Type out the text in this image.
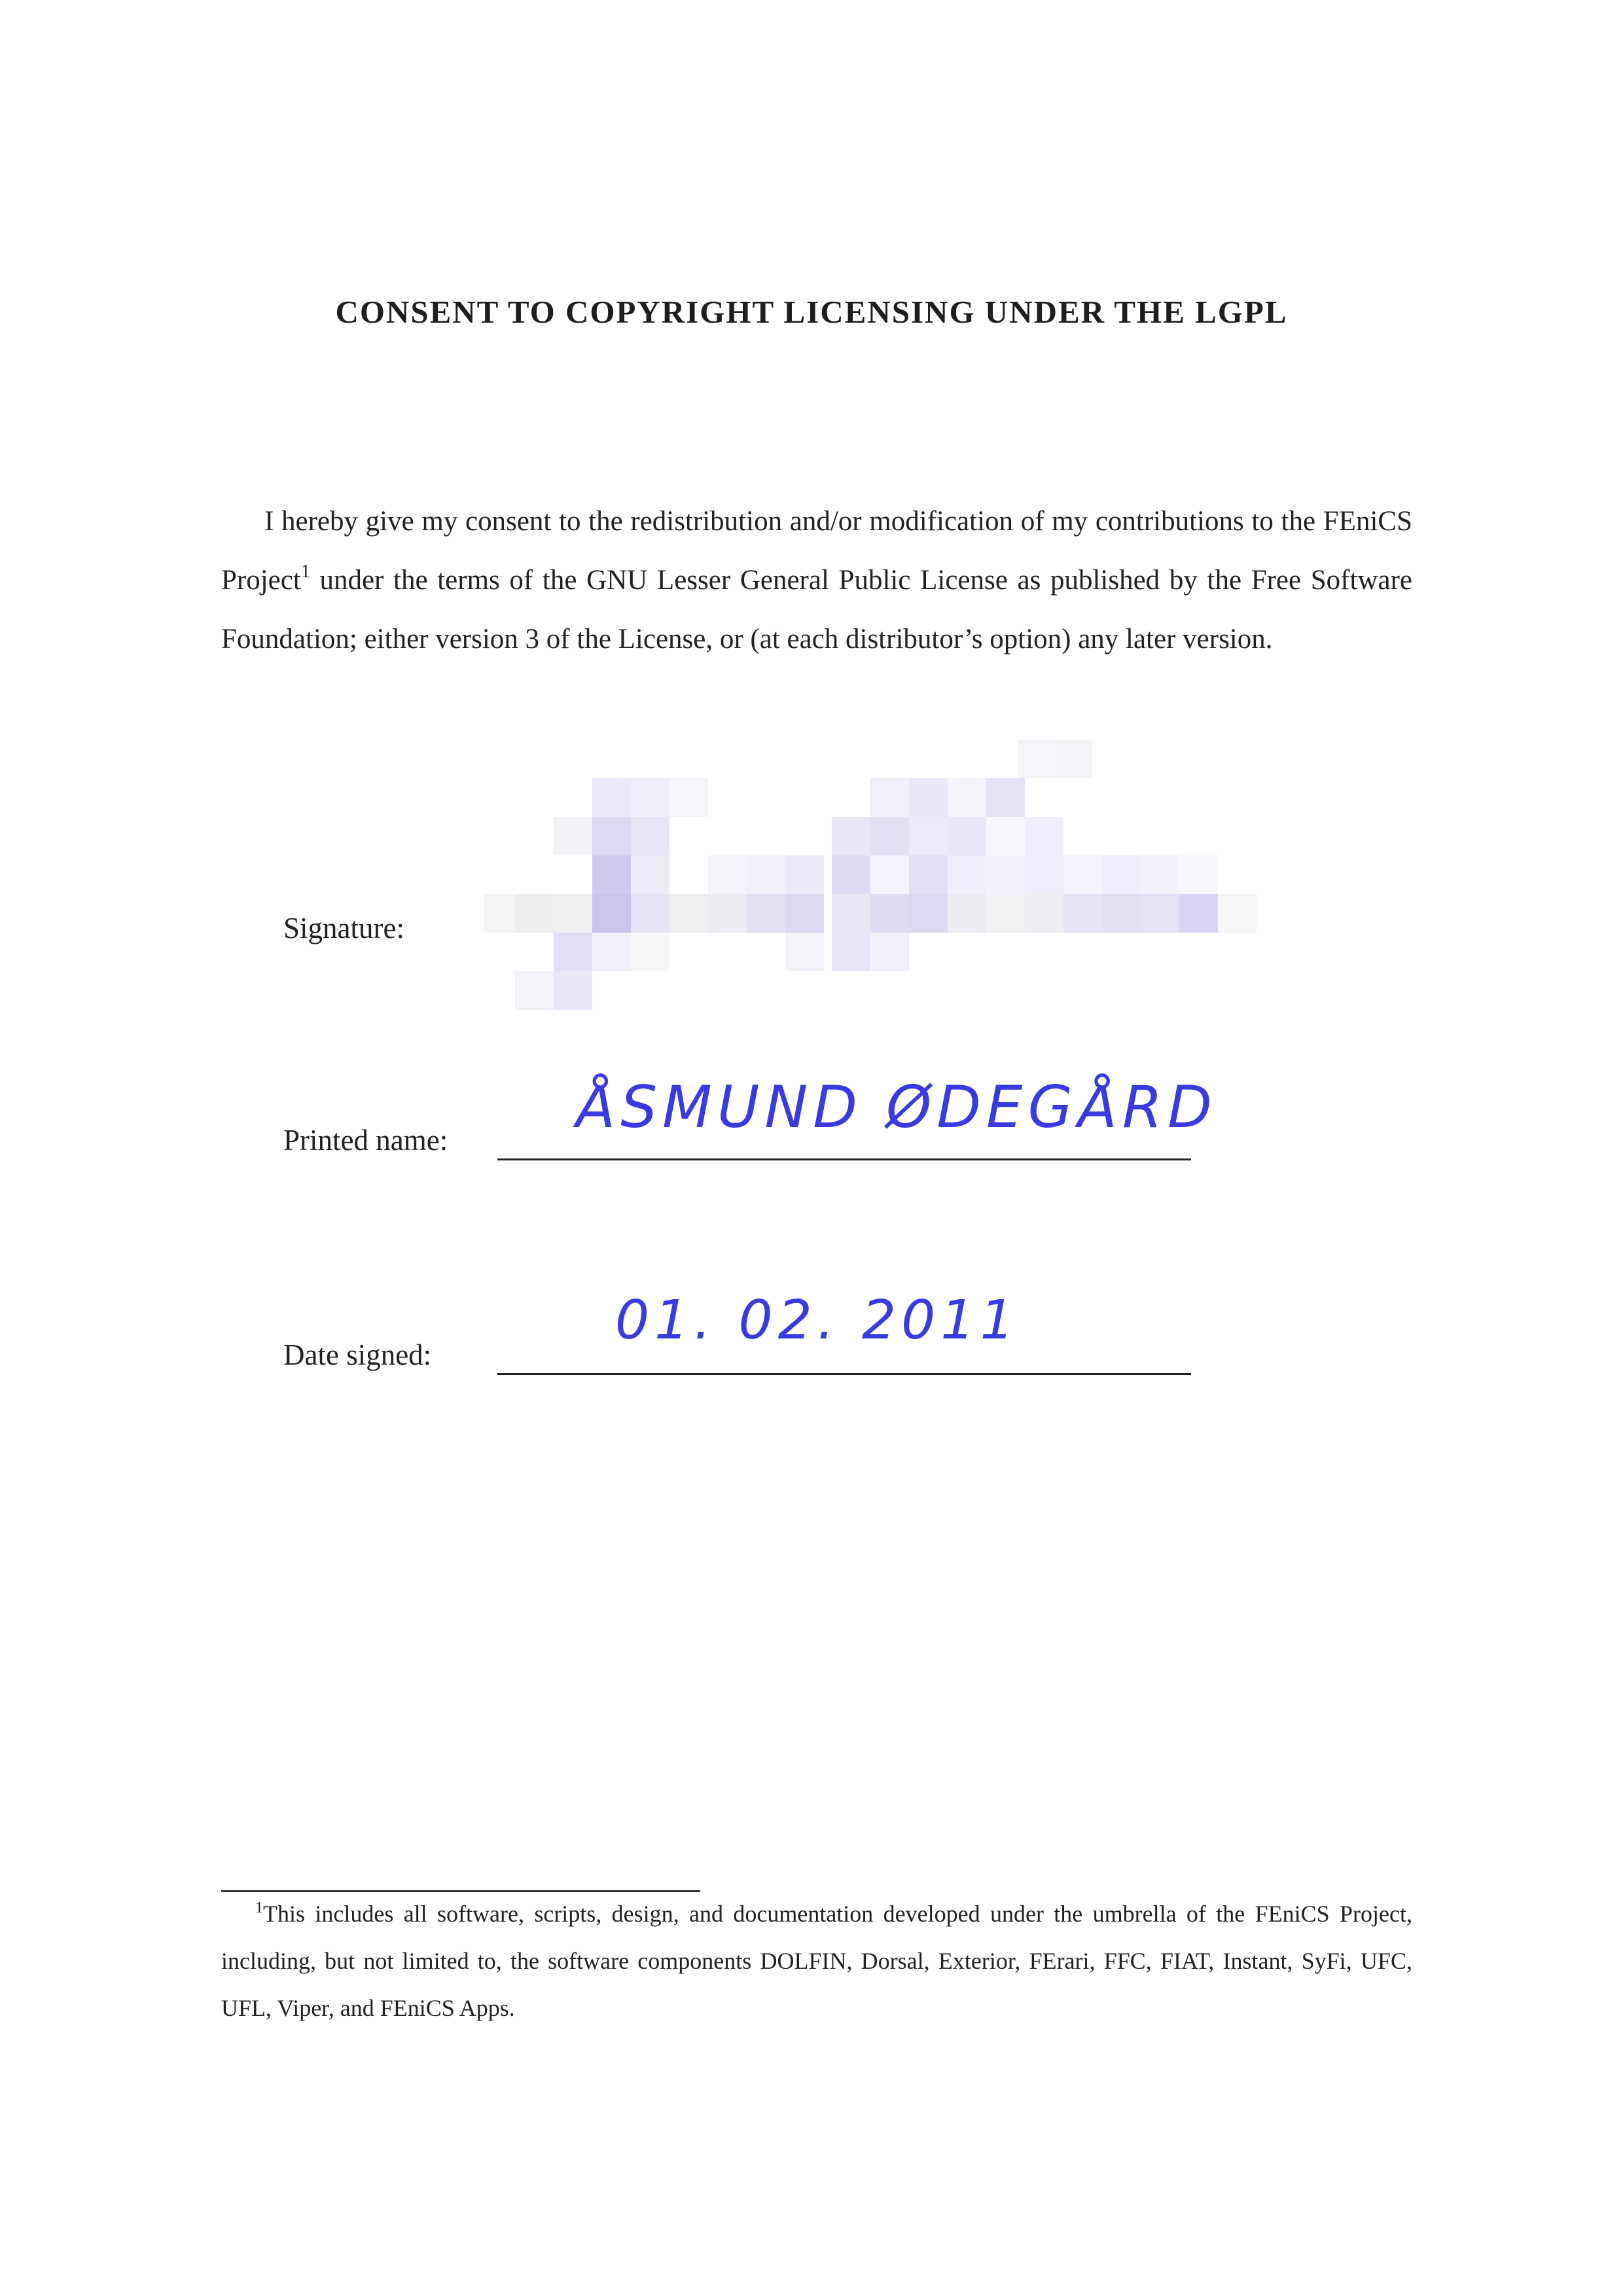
CONSENT TO COPYRIGHT LICENSING UNDER THE LGPL
I hereby give my consent to the redistribution and/or modification of my contributions to the FEniCS Project$^1$ under the terms of the GNU Lesser General Public License as published by the Free Software Foundation; either version 3 of the License, or (at each distributor’s option) any later version.
Signature:
ÅSMUND ØDEGÅRD
Printed name:
01. 02. 2011
Date signed:
$^1$This includes all software, scripts, design, and documentation developed under the umbrella of the FEniCS Project, including, but not limited to, the software components DOLFIN, Dorsal, Exterior, FErari, FFC, FIAT, Instant, SyFi, UFC, UFL, Viper, and FEniCS Apps.
